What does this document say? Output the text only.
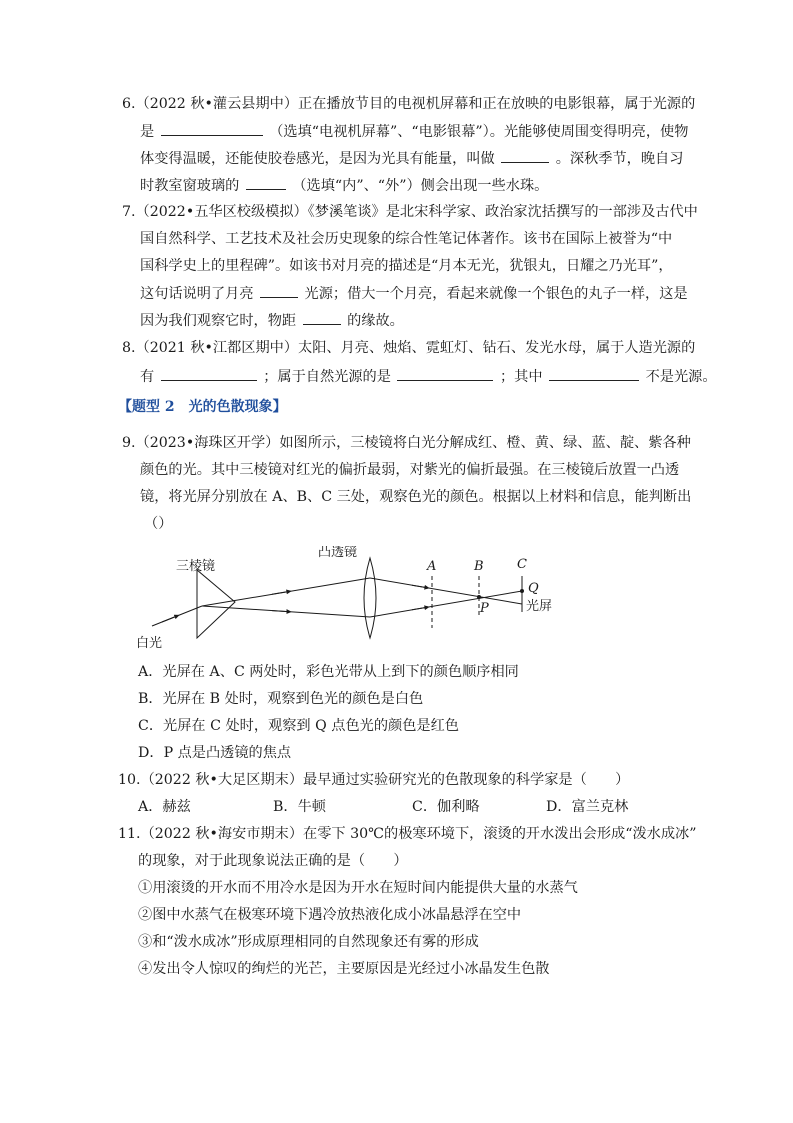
6.（2022 秋•灌云县期中）正在播放节目的电视机屏幕和正在放映的电影银幕，属于光源的
是	（选填“电视机屏幕”、“电影银幕”）。光能够使周围变得明亮，使物
体变得温暖，还能使胶卷感光，是因为光具有能量，叫做	。深秋季节，晚自习
时教室窗玻璃的	（选填“内”、“外”）侧会出现一些水珠。
7.（2022•五华区校级模拟）《梦溪笔谈》是北宋科学家、政治家沈括撰写的一部涉及古代中
国自然科学、工艺技术及社会历史现象的综合性笔记体著作。该书在国际上被誉为“中
国科学史上的里程碑”。如该书对月亮的描述是“月本无光，犹银丸，日耀之乃光耳”，
这句话说明了月亮	光源；借大一个月亮，看起来就像一个银色的丸子一样，这是
因为我们观察它时，物距	的缘故。
8.（2021 秋•江都区期中）太阳、月亮、烛焰、霓虹灯、钻石、发光水母，属于人造光源的
有	；属于自然光源的是	；其中	不是光源。
【题型 2　光的色散现象】
9.（2023•海珠区开学）如图所示，三棱镜将白光分解成红、橙、黄、绿、蓝、靛、紫各种
颜色的光。其中三棱镜对红光的偏折最弱，对紫光的偏折最强。在三棱镜后放置一凸透
镜，将光屏分别放在 A、B、C 三处，观察色光的颜色。根据以上材料和信息，能判断出
（）
三棱镜
凸透镜
白光
光屏
A	B	C
P
Q
A．光屏在 A、C 两处时，彩色光带从上到下的颜色顺序相同
B．光屏在 B 处时，观察到色光的颜色是白色
C．光屏在 C 处时，观察到 Q 点色光的颜色是红色
D．P 点是凸透镜的焦点
10.（2022 秋•大足区期末）最早通过实验研究光的色散现象的科学家是（　　）
A．赫兹	B．牛顿	C．伽利略	D．富兰克林
11.（2022 秋•海安市期末）在零下 30℃的极寒环境下，滚烫的开水泼出会形成“泼水成冰”
的现象，对于此现象说法正确的是（　　）
①用滚烫的开水而不用冷水是因为开水在短时间内能提供大量的水蒸气
②图中水蒸气在极寒环境下遇冷放热液化成小冰晶悬浮在空中
③和“泼水成冰”形成原理相同的自然现象还有雾的形成
④发出令人惊叹的绚烂的光芒，主要原因是光经过小冰晶发生色散
